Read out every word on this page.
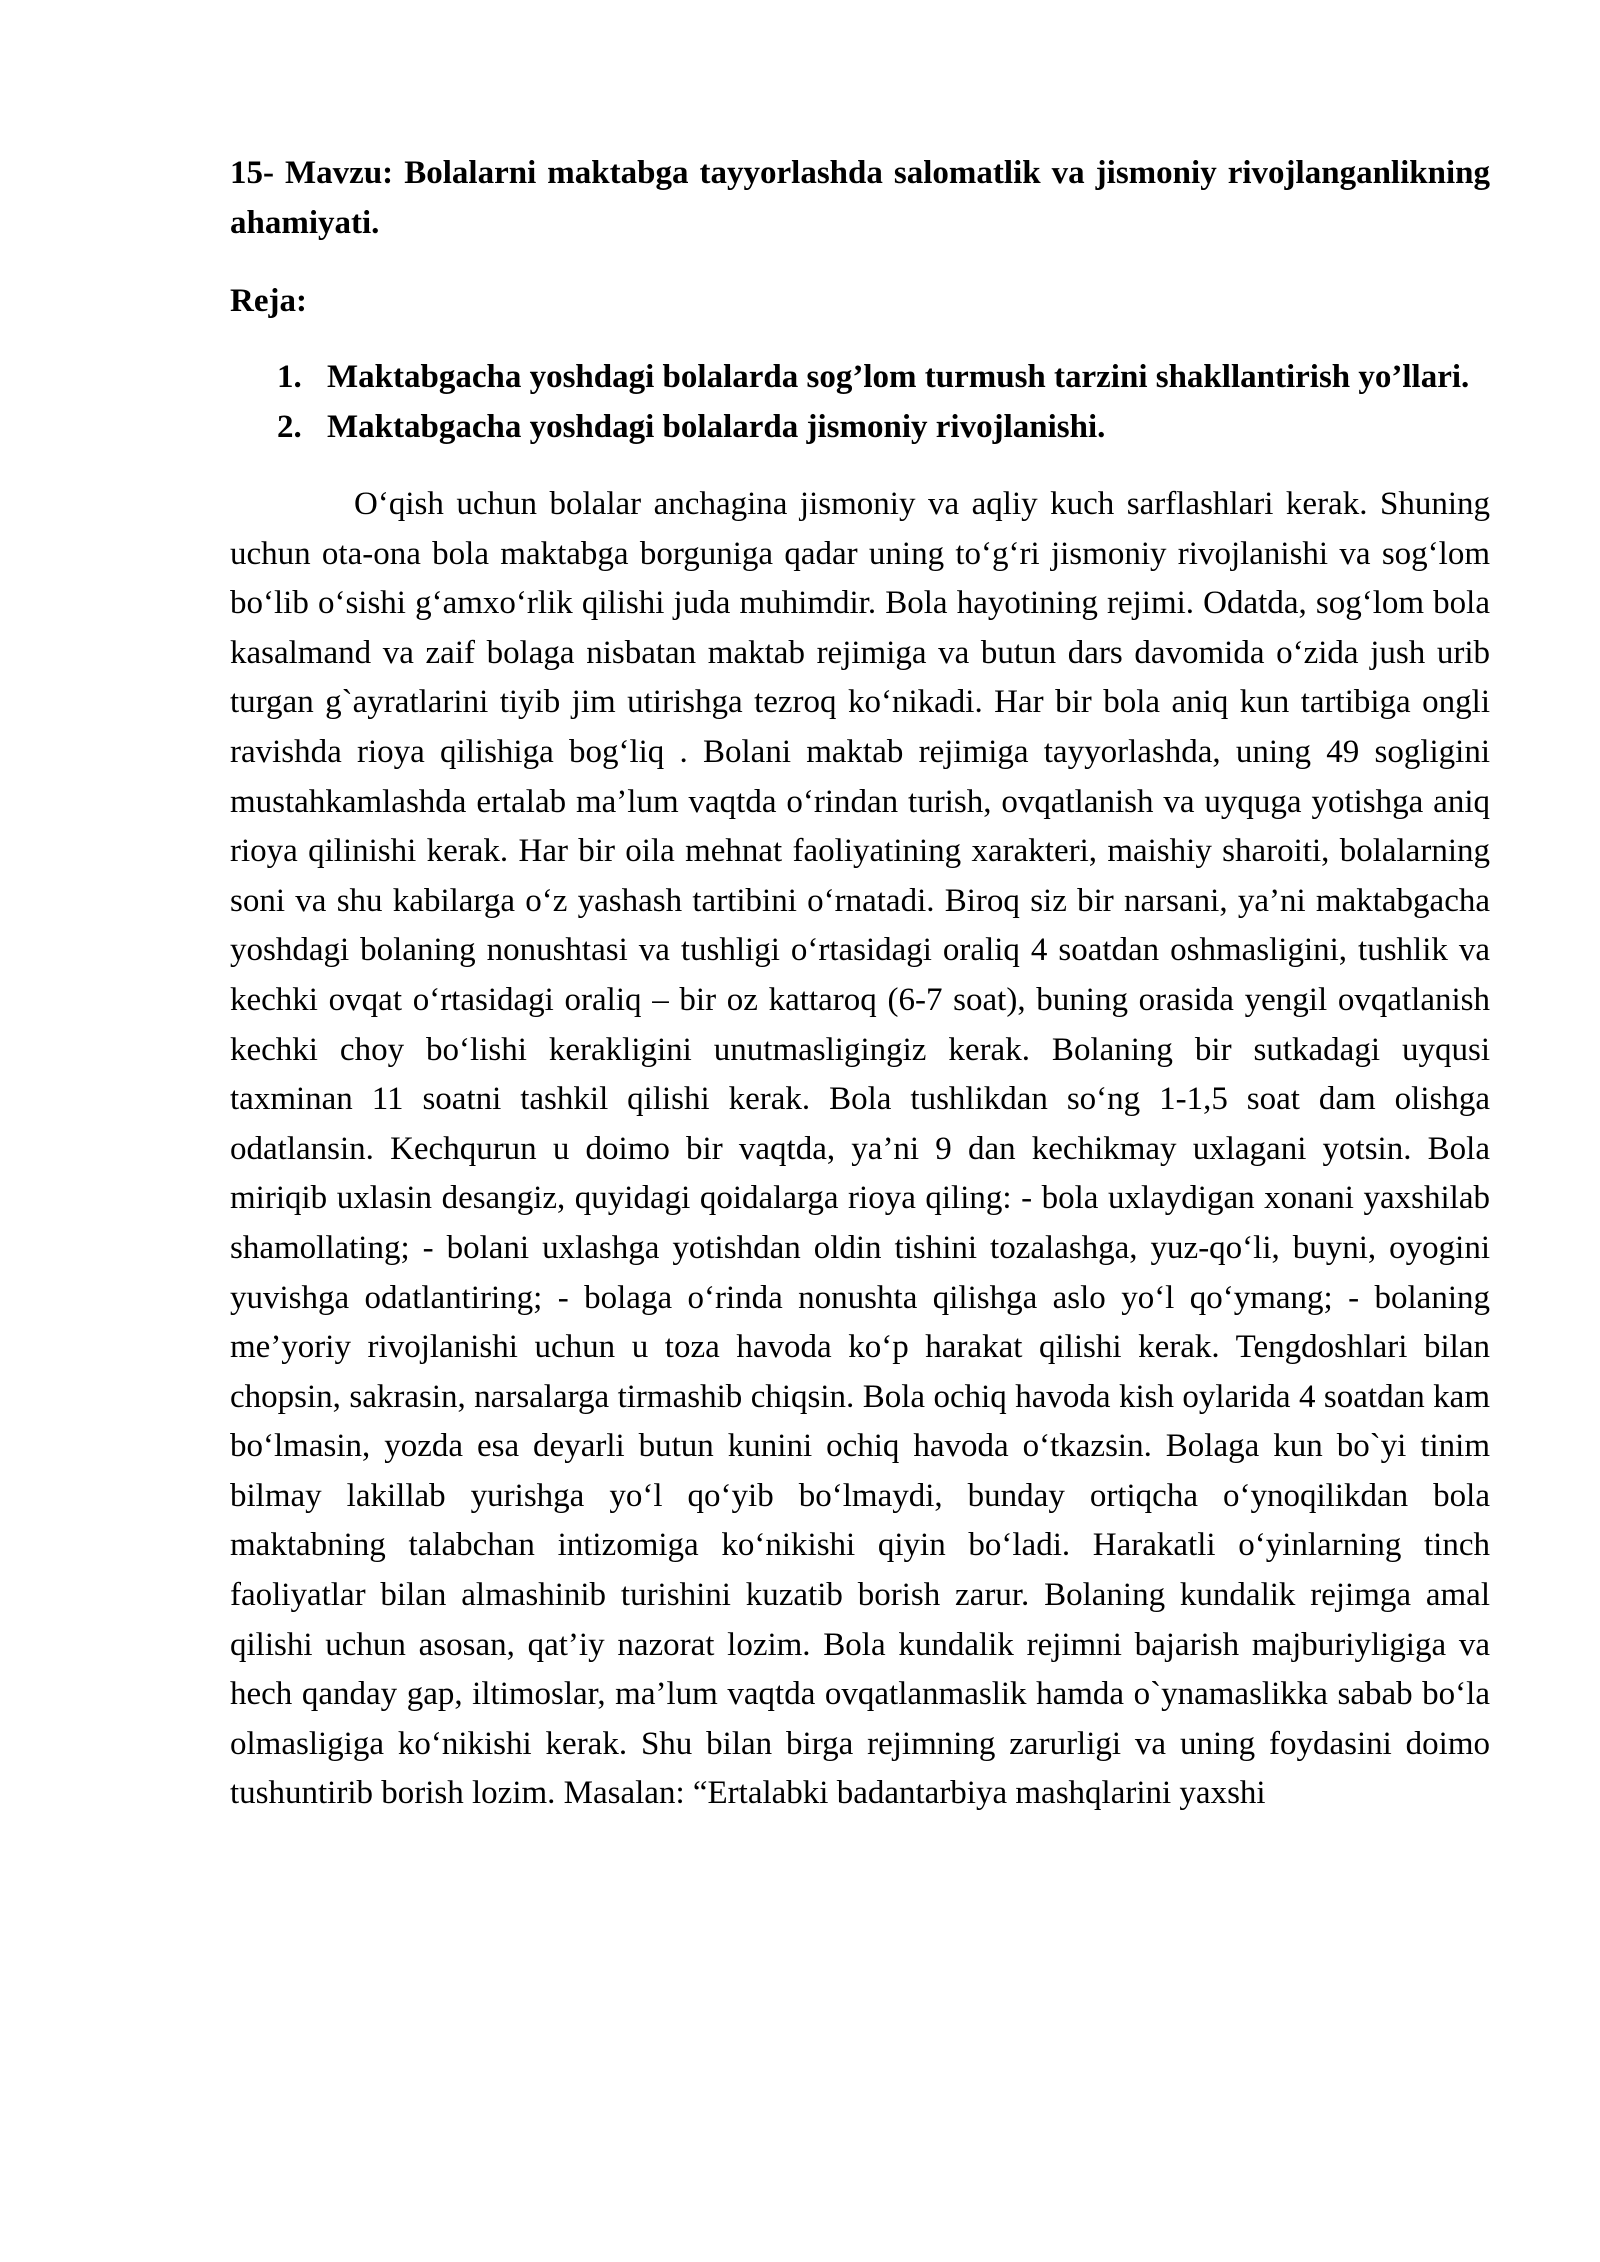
15- Mavzu: Bolalarni maktabga tayyorlashda salomatlik va jismoniy rivojlanganlikning ahamiyati.

Reja:

1. Maktabgacha yoshdagi bolalarda sog’lom turmush tarzini shakllantirish yo’llari.
2. Maktabgacha yoshdagi bolalarda jismoniy rivojlanishi.

O‘qish uchun bolalar anchagina jismoniy va aqliy kuch sarflashlari kerak. Shuning uchun ota-ona bola maktabga borguniga qadar uning to‘g‘ri jismoniy rivojlanishi va sog‘lom bo‘lib o‘sishi g‘amxo‘rlik qilishi juda muhimdir. Bola hayotining rejimi. Odatda, sog‘lom bola kasalmand va zaif bolaga nisbatan maktab rejimiga va butun dars davomida o‘zida jush urib turgan g`ayratlarini tiyib jim utirishga tezroq ko‘nikadi. Har bir bola aniq kun tartibiga ongli ravishda rioya qilishiga bog‘liq . Bolani maktab rejimiga tayyorlashda, uning 49 sogligini mustahkamlashda ertalab ma’lum vaqtda o‘rindan turish, ovqatlanish va uyquga yotishga aniq rioya qilinishi kerak. Har bir oila mehnat faoliyatining xarakteri, maishiy sharoiti, bolalarning soni va shu kabilarga o‘z yashash tartibini o‘rnatadi. Biroq siz bir narsani, ya’ni maktabgacha yoshdagi bolaning nonushtasi va tushligi o‘rtasidagi oraliq 4 soatdan oshmasligini, tushlik va kechki ovqat o‘rtasidagi oraliq – bir oz kattaroq (6-7 soat), buning orasida yengil ovqatlanish kechki choy bo‘lishi kerakligini unutmasligingiz kerak. Bolaning bir sutkadagi uyqusi taxminan 11 soatni tashkil qilishi kerak. Bola tushlikdan so‘ng 1-1,5 soat dam olishga odatlansin. Kechqurun u doimo bir vaqtda, ya’ni 9 dan kechikmay uxlagani yotsin. Bola miriqib uxlasin desangiz, quyidagi qoidalarga rioya qiling: - bola uxlaydigan xonani yaxshilab shamollating; - bolani uxlashga yotishdan oldin tishini tozalashga, yuz-qo‘li, buyni, oyogini yuvishga odatlantiring; - bolaga o‘rinda nonushta qilishga aslo yo‘l qo‘ymang; - bolaning me’yoriy rivojlanishi uchun u toza havoda ko‘p harakat qilishi kerak. Tengdoshlari bilan chopsin, sakrasin, narsalarga tirmashib chiqsin. Bola ochiq havoda kish oylarida 4 soatdan kam bo‘lmasin, yozda esa deyarli butun kunini ochiq havoda o‘tkazsin. Bolaga kun bo`yi tinim bilmay lakillab yurishga yo‘l qo‘yib bo‘lmaydi, bunday ortiqcha o‘ynoqilikdan bola maktabning talabchan intizomiga ko‘nikishi qiyin bo‘ladi. Harakatli o‘yinlarning tinch faoliyatlar bilan almashinib turishini kuzatib borish zarur. Bolaning kundalik rejimga amal qilishi uchun asosan, qat’iy nazorat lozim. Bola kundalik rejimni bajarish majburiyligiga va hech qanday gap, iltimoslar, ma’lum vaqtda ovqatlanmaslik hamda o`ynamaslikka sabab bo‘la olmasligiga ko‘nikishi kerak. Shu bilan birga rejimning zarurligi va uning foydasini doimo tushuntirib borish lozim. Masalan: “Ertalabki badantarbiya mashqlarini yaxshi
